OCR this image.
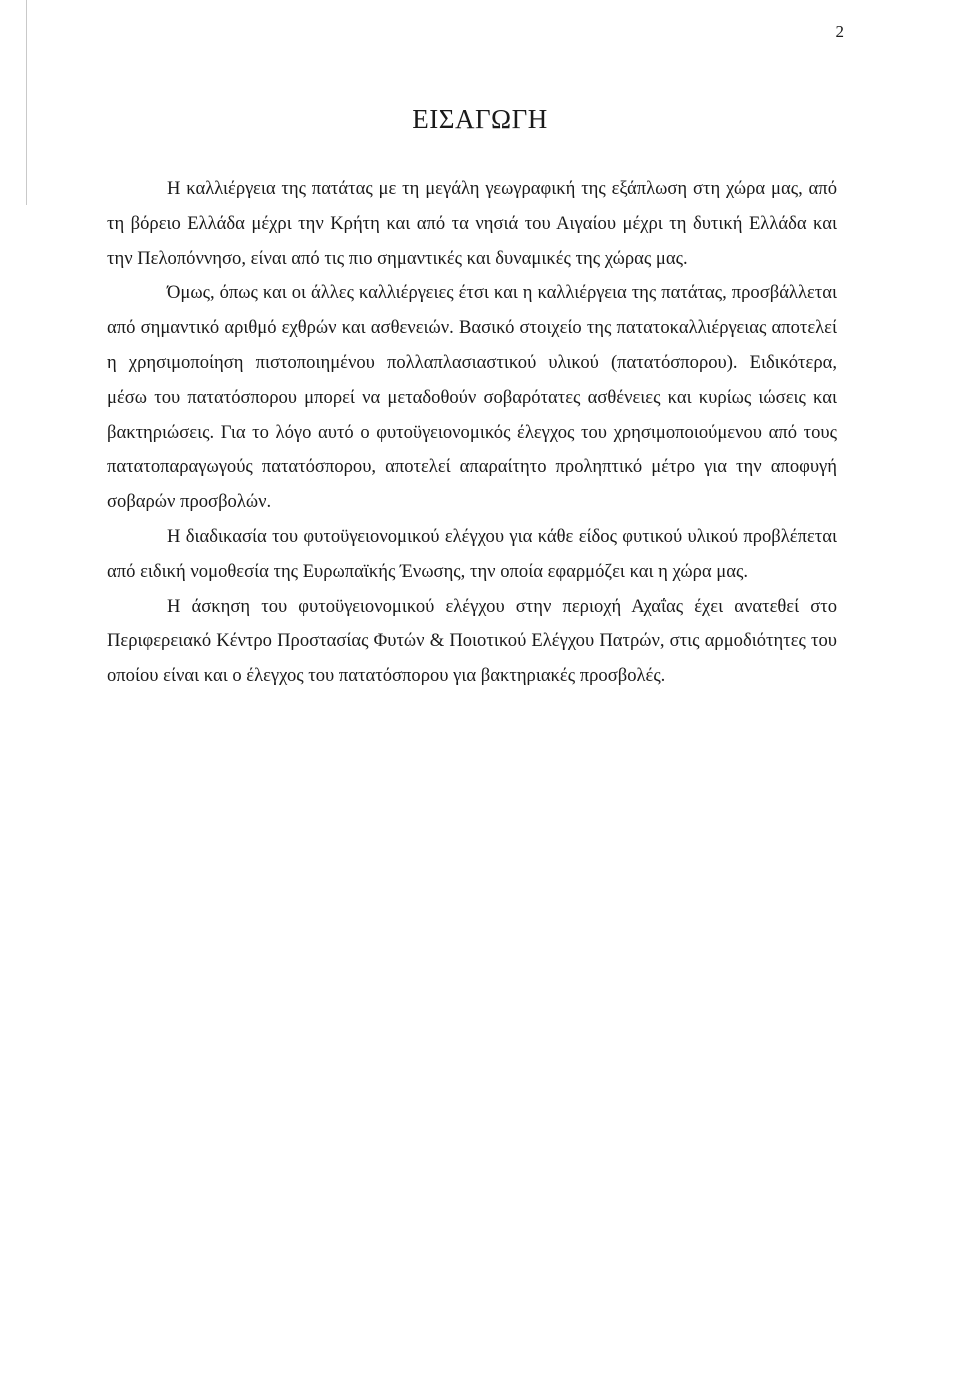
2
ΕΙΣΑΓΩΓΗ

Η καλλιέργεια της πατάτας με τη μεγάλη γεωγραφική της εξάπλωση στη χώρα μας, από τη βόρειο Ελλάδα μέχρι την Κρήτη και από τα νησιά του Αιγαίου μέχρι τη δυτική Ελλάδα και την Πελοπόννησο, είναι από τις πιο σημαντικές και δυναμικές της χώρας μας.

Όμως, όπως και οι άλλες καλλιέργειες έτσι και η καλλιέργεια της πατάτας, προσβάλλεται από σημαντικό αριθμό εχθρών και ασθενειών. Βασικό στοιχείο της πατατοκαλλιέργειας αποτελεί η χρησιμοποίηση πιστοποιημένου πολλαπλασιαστικού υλικού (πατατόσπορου). Ειδικότερα, μέσω του πατατόσπορου μπορεί να μεταδοθούν σοβαρότατες ασθένειες και κυρίως ιώσεις και βακτηριώσεις. Για το λόγο αυτό ο φυτοϋγειονομικός έλεγχος του χρησιμοποιούμενου από τους πατατοπαραγωγούς πατατόσπορου, αποτελεί απαραίτητο προληπτικό μέτρο για την αποφυγή σοβαρών προσβολών.

Η διαδικασία του φυτοϋγειονομικού ελέγχου για κάθε είδος φυτικού υλικού προβλέπεται από ειδική νομοθεσία της Ευρωπαϊκής Ένωσης, την οποία εφαρμόζει και η χώρα μας.

Η άσκηση του φυτοϋγειονομικού ελέγχου στην περιοχή Αχαΐας έχει ανατεθεί στο Περιφερειακό Κέντρο Προστασίας Φυτών & Ποιοτικού Ελέγχου Πατρών, στις αρμοδιότητες του οποίου είναι και ο έλεγχος του πατατόσπορου για βακτηριακές προσβολές.
